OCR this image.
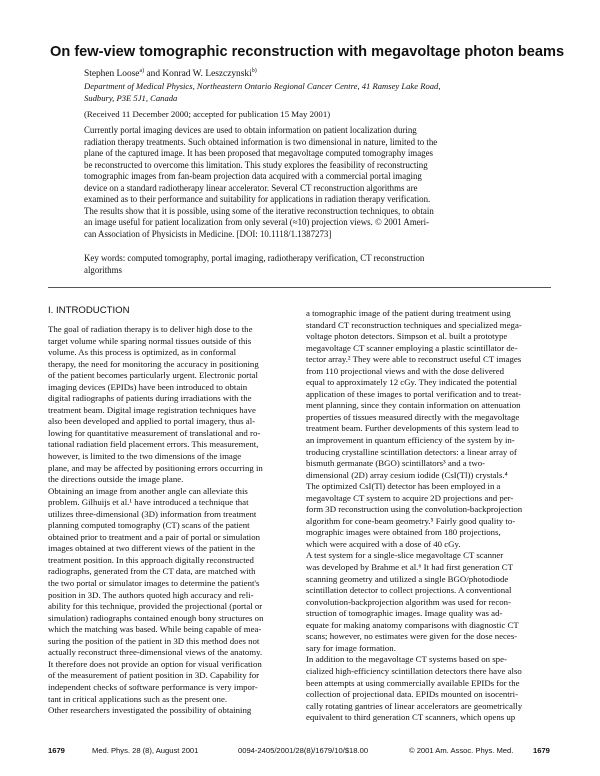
On few-view tomographic reconstruction with megavoltage photon beams
Stephen Loose$^{a)}$ and Konrad W. Leszczynski$^{b)}$
Department of Medical Physics, Northeastern Ontario Regional Cancer Centre, 41 Ramsey Lake Road,
Sudbury, P3E 5J1, Canada
(Received 11 December 2000; accepted for publication 15 May 2001)
Currently portal imaging devices are used to obtain information on patient localization during
radiation therapy treatments. Such obtained information is two dimensional in nature, limited to the
plane of the captured image. It has been proposed that megavoltage computed tomography images
be reconstructed to overcome this limitation. This study explores the feasibility of reconstructing
tomographic images from fan-beam projection data acquired with a commercial portal imaging
device on a standard radiotherapy linear accelerator. Several CT reconstruction algorithms are
examined as to their performance and suitability for applications in radiation therapy verification.
The results show that it is possible, using some of the iterative reconstruction techniques, to obtain
an image useful for patient localization from only several (≈10) projection views. © 2001 Ameri-
can Association of Physicists in Medicine. [DOI: 10.1118/1.1387273]
Key words: computed tomography, portal imaging, radiotherapy verification, CT reconstruction
algorithms
I. INTRODUCTION
The goal of radiation therapy is to deliver high dose to the
target volume while sparing normal tissues outside of this
volume. As this process is optimized, as in conformal
therapy, the need for monitoring the accuracy in positioning
of the patient becomes particularly urgent. Electronic portal
imaging devices (EPIDs) have been introduced to obtain
digital radiographs of patients during irradiations with the
treatment beam. Digital image registration techniques have
also been developed and applied to portal imagery, thus al-
lowing for quantitative measurement of translational and ro-
tational radiation field placement errors. This measurement,
however, is limited to the two dimensions of the image
plane, and may be affected by positioning errors occurring in
the directions outside the image plane.
Obtaining an image from another angle can alleviate this
problem. Gilhuijs et al.¹ have introduced a technique that
utilizes three-dimensional (3D) information from treatment
planning computed tomography (CT) scans of the patient
obtained prior to treatment and a pair of portal or simulation
images obtained at two different views of the patient in the
treatment position. In this approach digitally reconstructed
radiographs, generated from the CT data, are matched with
the two portal or simulator images to determine the patient's
position in 3D. The authors quoted high accuracy and reli-
ability for this technique, provided the projectional (portal or
simulation) radiographs contained enough bony structures on
which the matching was based. While being capable of mea-
suring the position of the patient in 3D this method does not
actually reconstruct three-dimensional views of the anatomy.
It therefore does not provide an option for visual verification
of the measurement of patient position in 3D. Capability for
independent checks of software performance is very impor-
tant in critical applications such as the present one.
Other researchers investigated the possibility of obtaining
a tomographic image of the patient during treatment using
standard CT reconstruction techniques and specialized mega-
voltage photon detectors. Simpson et al. built a prototype
megavoltage CT scanner employing a plastic scintillator de-
tector array.² They were able to reconstruct useful CT images
from 110 projectional views and with the dose delivered
equal to approximately 12 cGy. They indicated the potential
application of these images to portal verification and to treat-
ment planning, since they contain information on attenuation
properties of tissues measured directly with the megavoltage
treatment beam. Further developments of this system lead to
an improvement in quantum efficiency of the system by in-
troducing crystalline scintillation detectors: a linear array of
bismuth germanate (BGO) scintillators³ and a two-
dimensional (2D) array cesium iodide (CsI(Tl)) crystals.⁴
The optimized CsI(Tl) detector has been employed in a
megavoltage CT system to acquire 2D projections and per-
form 3D reconstruction using the convolution-backprojection
algorithm for cone-beam geometry.⁵ Fairly good quality to-
mographic images were obtained from 180 projections,
which were acquired with a dose of 40 cGy.
A test system for a single-slice megavoltage CT scanner
was developed by Brahme et al.⁶ It had first generation CT
scanning geometry and utilized a single BGO/photodiode
scintillation detector to collect projections. A conventional
convolution-backprojection algorithm was used for recon-
struction of tomographic images. Image quality was ad-
equate for making anatomy comparisons with diagnostic CT
scans; however, no estimates were given for the dose neces-
sary for image formation.
In addition to the megavoltage CT systems based on spe-
cialized high-efficiency scintillation detectors there have also
been attempts at using commercially available EPIDs for the
collection of projectional data. EPIDs mounted on isocentri-
cally rotating gantries of linear accelerators are geometrically
equivalent to third generation CT scanners, which opens up
1679	Med. Phys. 28 (8), August 2001	0094-2405/2001/28(8)/1679/10/$18.00	© 2001 Am. Assoc. Phys. Med.	1679
